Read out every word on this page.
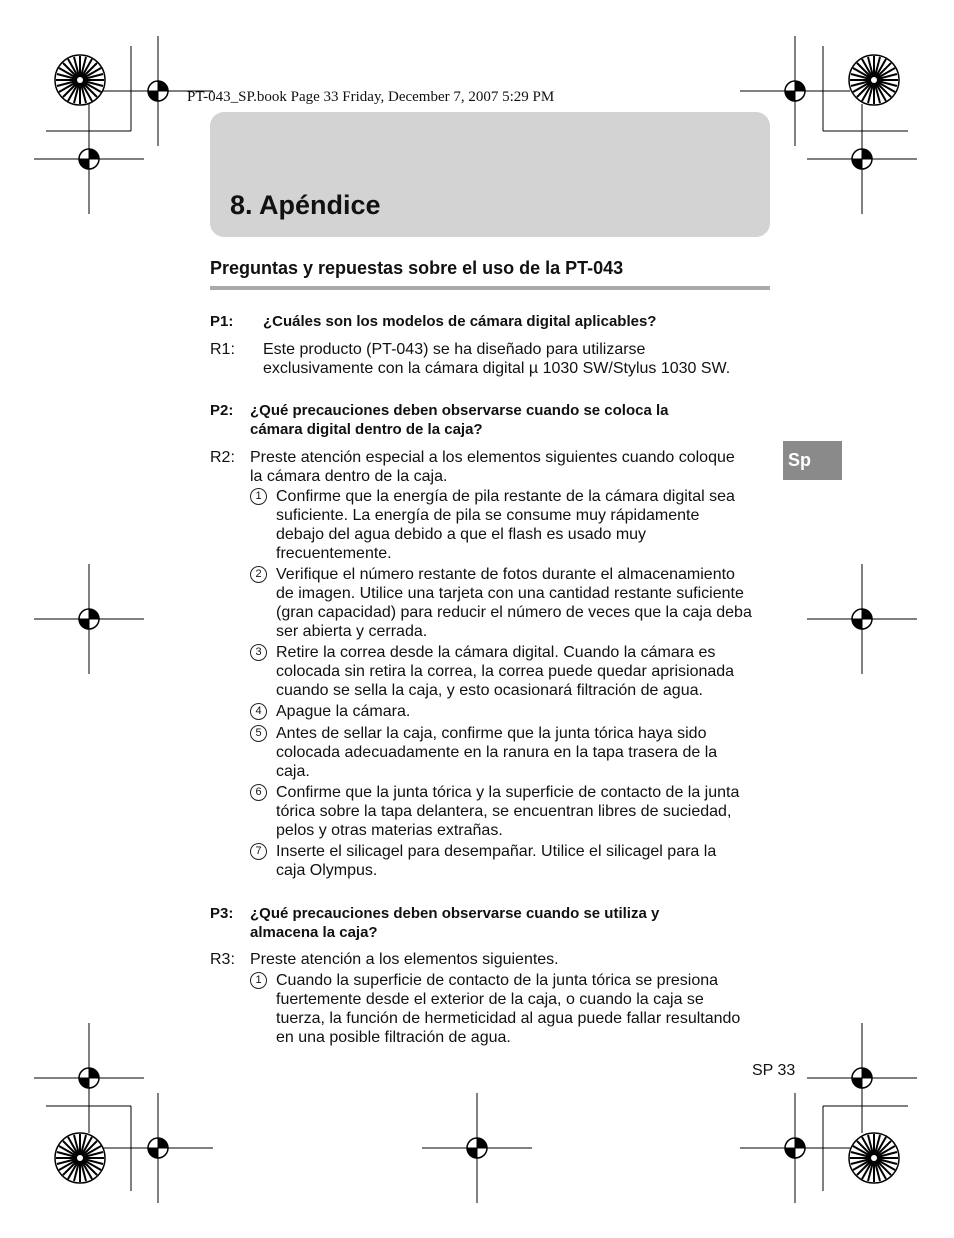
PT-043_SP.book Page 33 Friday, December 7, 2007 5:29 PM
8. Apéndice
Preguntas y repuestas sobre el uso de la PT-043
Sp
P1: ¿Cuáles son los modelos de cámara digital aplicables?
R1: Este producto (PT-043) se ha diseñado para utilizarse
exclusivamente con la cámara digital µ 1030 SW/Stylus 1030 SW.
P2: ¿Qué precauciones deben observarse cuando se coloca la
cámara digital dentro de la caja?
R2: Preste atención especial a los elementos siguientes cuando coloque
la cámara dentro de la caja.
1 Confirme que la energía de pila restante de la cámara digital sea
suficiente. La energía de pila se consume muy rápidamente
debajo del agua debido a que el flash es usado muy
frecuentemente.
2 Verifique el número restante de fotos durante el almacenamiento
de imagen. Utilice una tarjeta con una cantidad restante suficiente
(gran capacidad) para reducir el número de veces que la caja deba
ser abierta y cerrada.
3 Retire la correa desde la cámara digital. Cuando la cámara es
colocada sin retira la correa, la correa puede quedar aprisionada
cuando se sella la caja, y esto ocasionará filtración de agua.
4 Apague la cámara.
5 Antes de sellar la caja, confirme que la junta tórica haya sido
colocada adecuadamente en la ranura en la tapa trasera de la
caja.
6 Confirme que la junta tórica y la superficie de contacto de la junta
tórica sobre la tapa delantera, se encuentran libres de suciedad,
pelos y otras materias extrañas.
7 Inserte el silicagel para desempañar. Utilice el silicagel para la
caja Olympus.
P3: ¿Qué precauciones deben observarse cuando se utiliza y
almacena la caja?
R3: Preste atención a los elementos siguientes.
1 Cuando la superficie de contacto de la junta tórica se presiona
fuertemente desde el exterior de la caja, o cuando la caja se
tuerza, la función de hermeticidad al agua puede fallar resultando
en una posible filtración de agua.
SP 33
